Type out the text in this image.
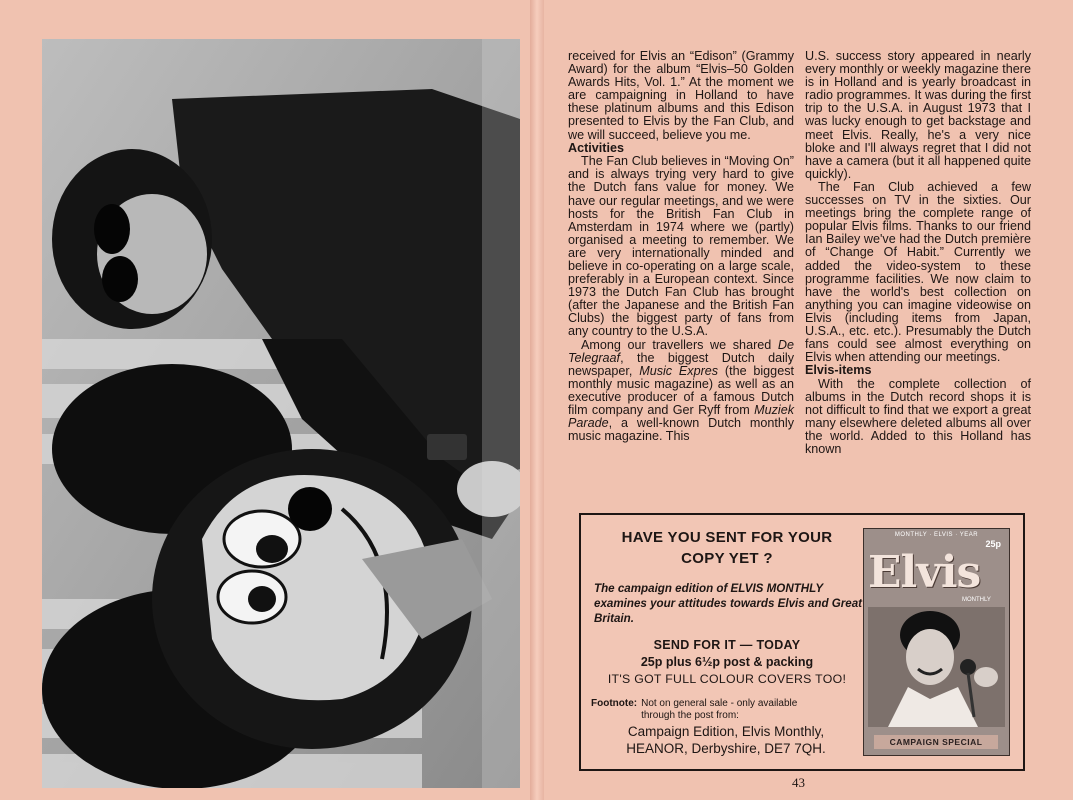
received for Elvis an “Edison” (Grammy Award) for the album “Elvis–50 Golden Awards Hits, Vol. 1.” At the moment we are campaigning in Holland to have these platinum albums and this Edison presented to Elvis by the Fan Club, and we will succeed, believe you me.

Activities

The Fan Club believes in “Moving On” and is always trying very hard to give the Dutch fans value for money. We have our regular meetings, and we were hosts for the British Fan Club in Amsterdam in 1974 where we (partly) organised a meeting to remember. We are very internationally minded and believe in co-operating on a large scale, preferably in a European context. Since 1973 the Dutch Fan Club has brought (after the Japanese and the British Fan Clubs) the biggest party of fans from any country to the U.S.A.

Among our travellers we shared De Telegraaf, the biggest Dutch daily newspaper, Music Expres (the biggest monthly music magazine) as well as an executive producer of a famous Dutch film company and Ger Ryff from Muziek Parade, a well-known Dutch monthly music magazine. This

U.S. success story appeared in nearly every monthly or weekly magazine there is in Holland and is yearly broadcast in radio programmes. It was during the first trip to the U.S.A. in August 1973 that I was lucky enough to get backstage and meet Elvis. Really, he's a very nice bloke and I'll always regret that I did not have a camera (but it all happened quite quickly).

The Fan Club achieved a few successes on TV in the sixties. Our meetings bring the complete range of popular Elvis films. Thanks to our friend Ian Bailey we've had the Dutch première of “Change Of Habit.” Currently we added the video-system to these programme facilities. We now claim to have the world's best collection on anything you can imagine videowise on Elvis (including items from Japan, U.S.A., etc. etc.). Presumably the Dutch fans could see almost everything on Elvis when attending our meetings.

Elvis-items

With the complete collection of albums in the Dutch record shops it is not difficult to find that we export a great many elsewhere deleted albums all over the world. Added to this Holland has known

HAVE YOU SENT FOR YOUR
COPY YET ?
The campaign edition of ELVIS MONTHLY examines your attitudes towards Elvis and Great Britain.
SEND FOR IT — TODAY
25p plus 6½p post & packing
IT'S GOT FULL COLOUR COVERS TOO!
Footnote: Not on general sale - only available
through the post from:
Campaign Edition, Elvis Monthly,
HEANOR, Derbyshire, DE7 7QH.
MONTHLY · ELVIS · YEAR
25p
Elvis
MONTHLY
CAMPAIGN SPECIAL
43
